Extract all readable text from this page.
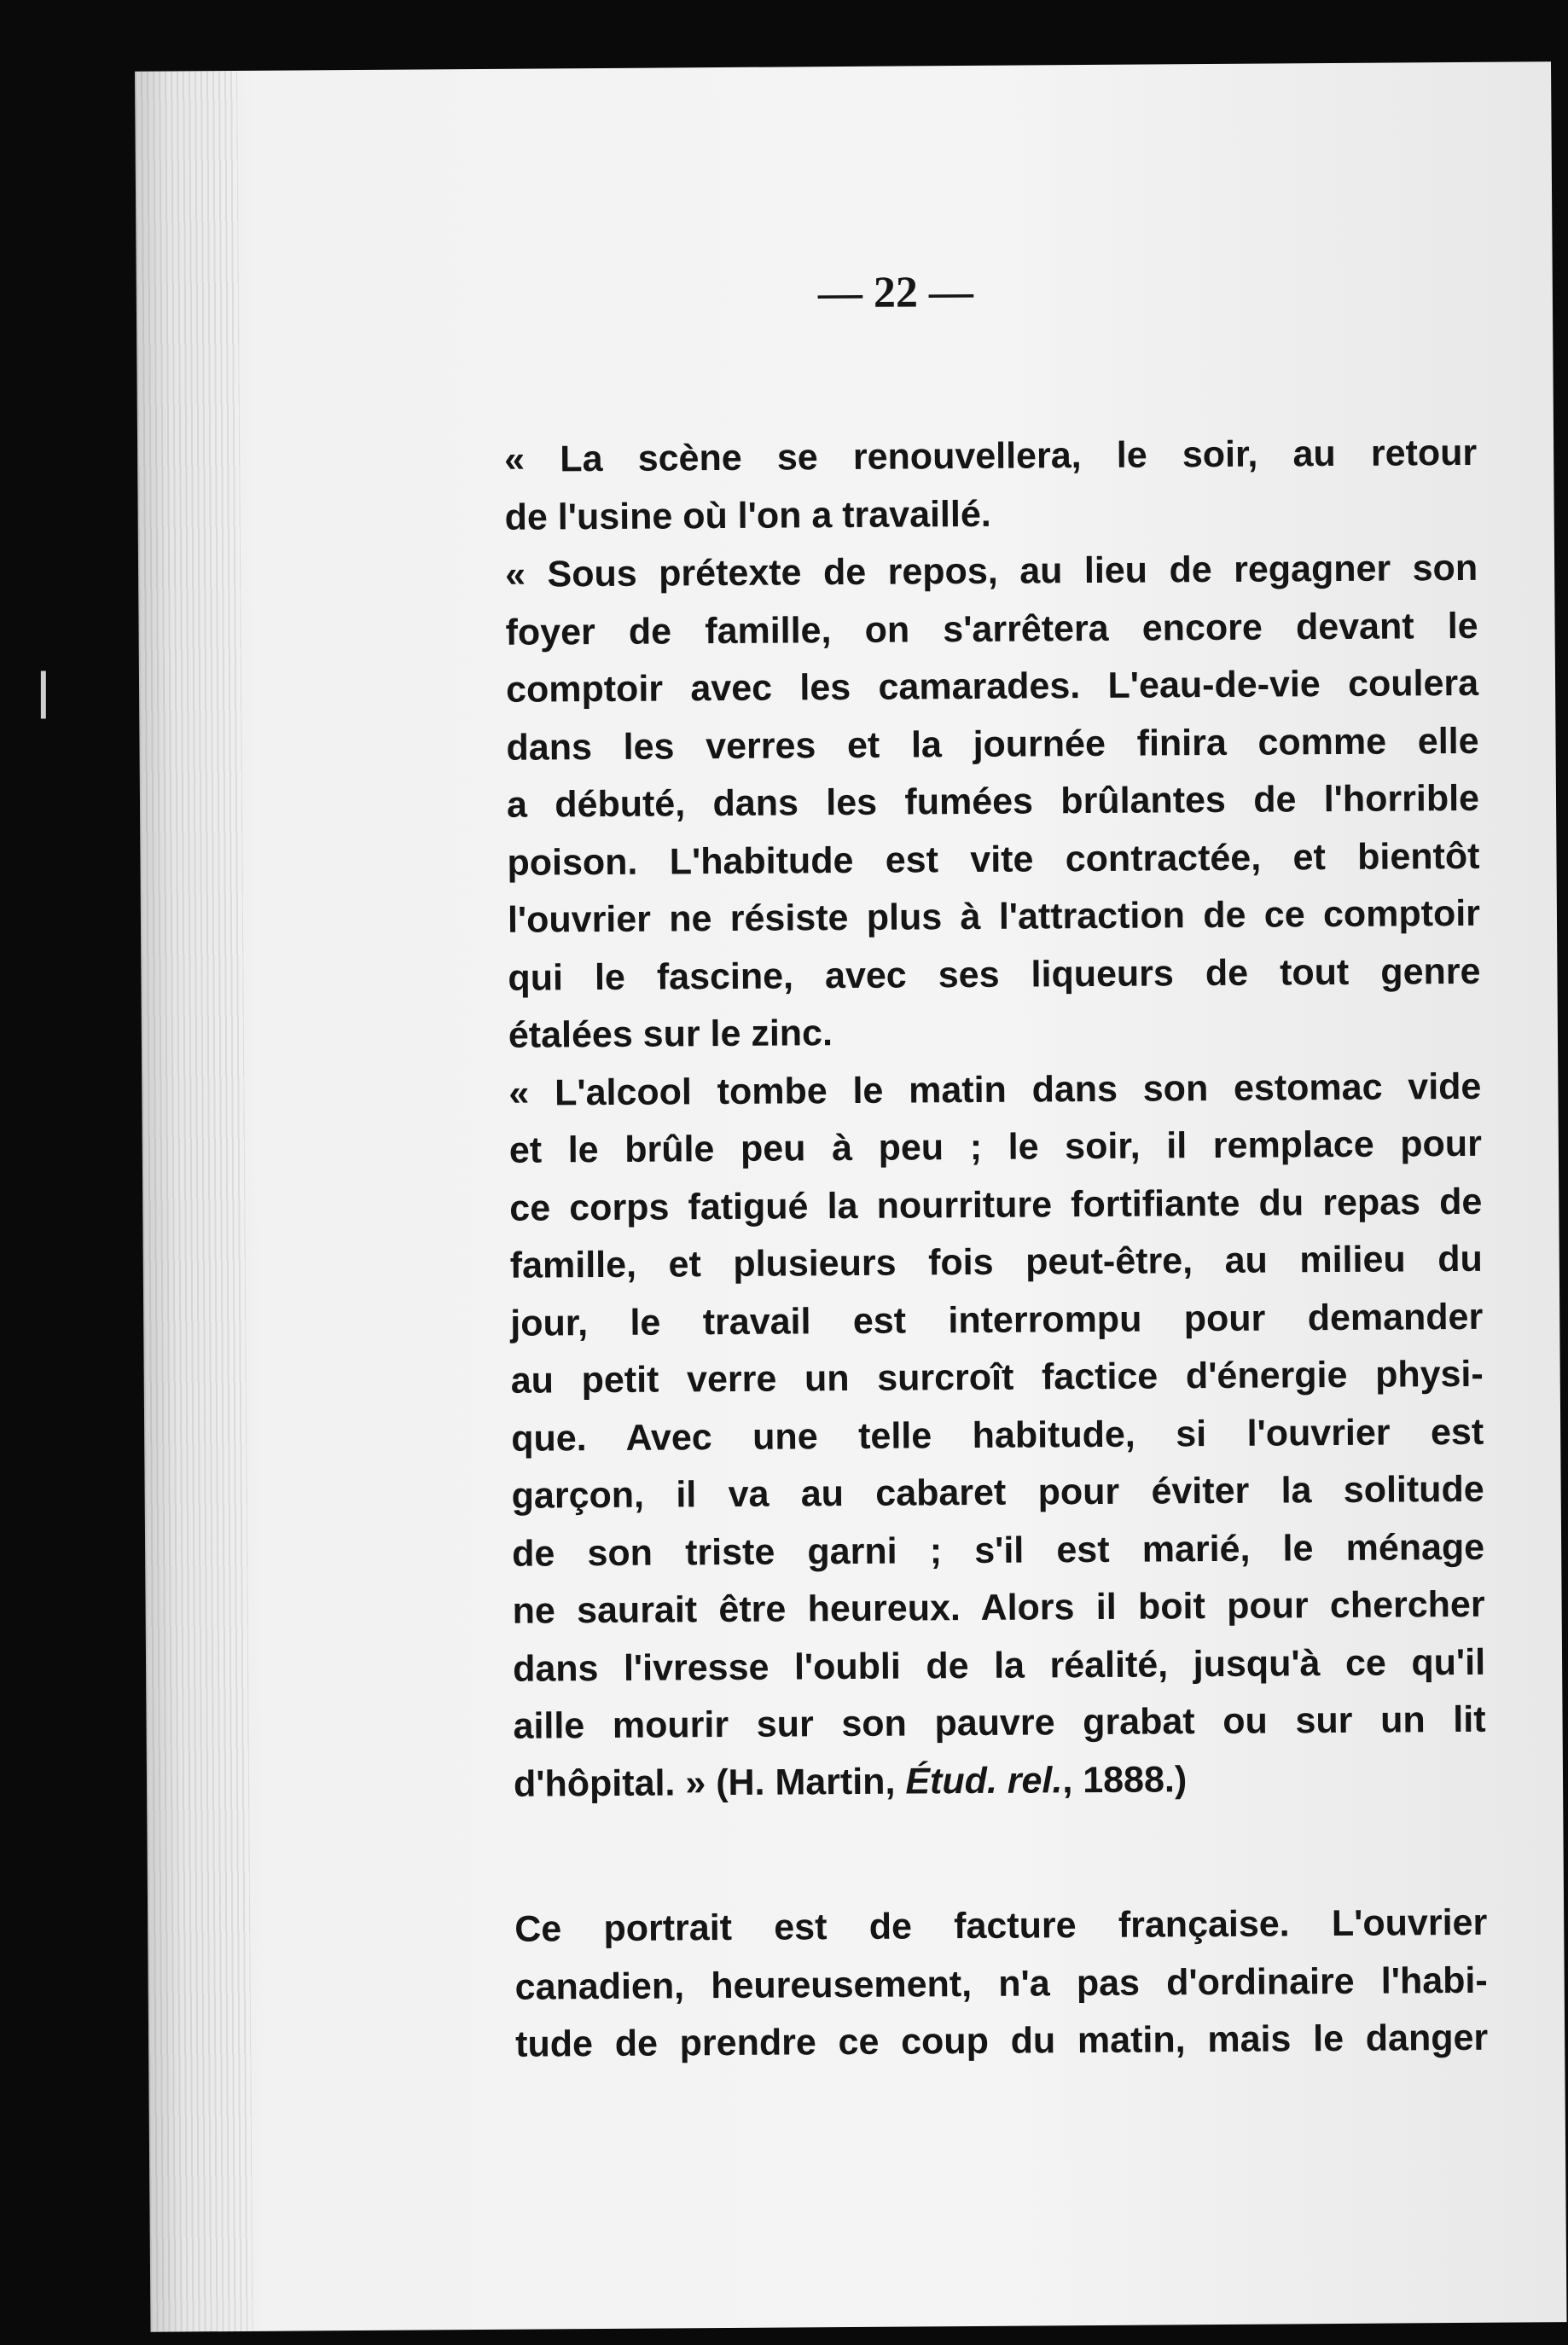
ǀ
— 22 —
« La scène se renouvellera, le soir, au retour
de l'usine où l'on a travaillé.
« Sous prétexte de repos, au lieu de regagner son
foyer de famille, on s'arrêtera encore devant le
comptoir avec les camarades. L'eau-de-vie coulera
dans les verres et la journée finira comme elle
a débuté, dans les fumées brûlantes de l'horrible
poison. L'habitude est vite contractée, et bientôt
l'ouvrier ne résiste plus à l'attraction de ce comptoir
qui le fascine, avec ses liqueurs de tout genre
étalées sur le zinc.
« L'alcool tombe le matin dans son estomac vide
et le brûle peu à peu ; le soir, il remplace pour
ce corps fatigué la nourriture fortifiante du repas de
famille, et plusieurs fois peut-être, au milieu du
jour, le travail est interrompu pour demander
au petit verre un surcroît factice d'énergie physi-
que. Avec une telle habitude, si l'ouvrier est
garçon, il va au cabaret pour éviter la solitude
de son triste garni ; s'il est marié, le ménage
ne saurait être heureux. Alors il boit pour chercher
dans l'ivresse l'oubli de la réalité, jusqu'à ce qu'il
aille mourir sur son pauvre grabat ou sur un lit
d'hôpital. » (H. Martin, Étud. rel., 1888.)
Ce portrait est de facture française. L'ouvrier
canadien, heureusement, n'a pas d'ordinaire l'habi-
tude de prendre ce coup du matin, mais le danger
